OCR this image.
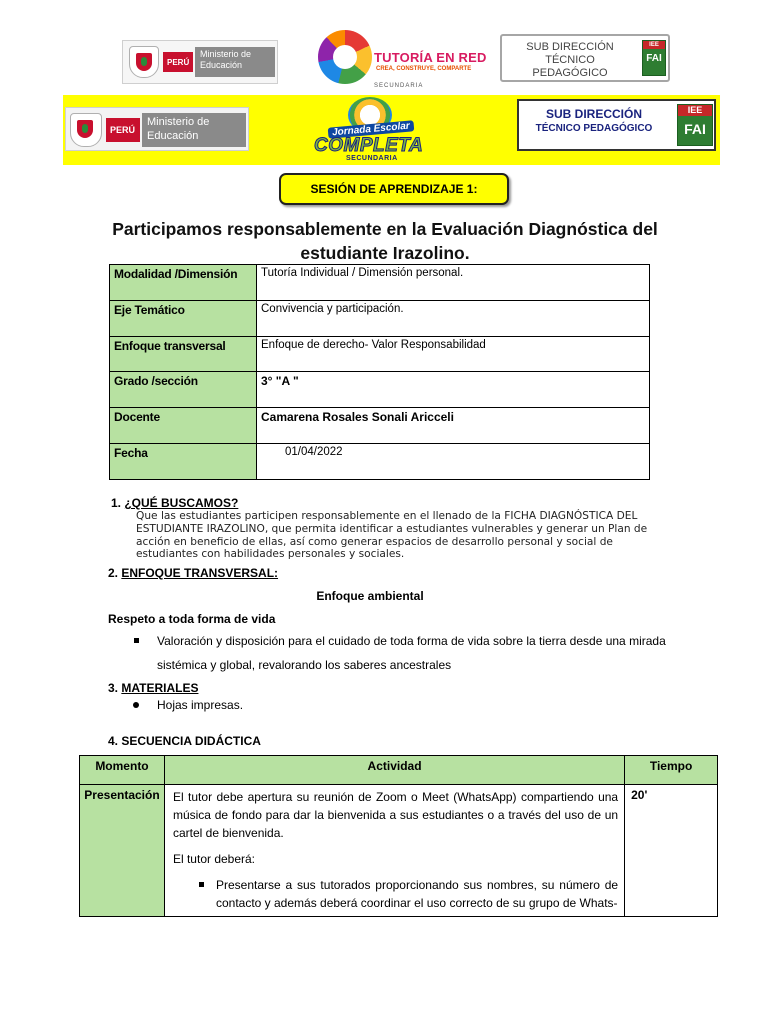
PERÚ
Ministerio de Educación	TUTORÍA EN RED
CREA, CONSTRUYE, COMPARTE
SECUNDARIA
SUB DIRECCIÓN TÉCNICO PEDAGÓGICO
IEE
FAI
PERÚ
Ministerio de Educación	Jornada Escolar
COMPLETA
SECUNDARIA
SUB DIRECCIÓN
TÉCNICO PEDAGÓGICO
IEE
FAI
SESIÓN DE APRENDIZAJE 1:
Participamos responsablemente en la Evaluación Diagnóstica del estudiante Irazolino.
Modalidad /Dimensión	Tutoría Individual / Dimensión personal.
Eje Temático	Convivencia y participación.
Enfoque transversal	Enfoque de derecho- Valor Responsabilidad
Grado /sección	3° "A "
Docente	Camarena Rosales Sonali Aricceli
Fecha	01/04/2022
1. ¿QUÉ BUSCAMOS?
Que las estudiantes participen responsablemente en el llenado de la FICHA DIAGNÓSTICA DEL ESTUDIANTE IRAZOLINO, que permita identificar a estudiantes vulnerables y generar un Plan de acción en beneficio de ellas, así como generar espacios de desarrollo personal y social de estudiantes con habilidades personales y sociales.
2. ENFOQUE TRANSVERSAL:
Enfoque ambiental
Respeto a toda forma de vida
Valoración y disposición para el cuidado de toda forma de vida sobre la tierra desde una mirada
sistémica y global, revalorando los saberes ancestrales
3. MATERIALES
Hojas impresas.
4. SECUENCIA DIDÁCTICA
Momento	Actividad	Tiempo
Presentación	El tutor debe apertura su reunión de Zoom o Meet (WhatsApp) compartiendo una música de fondo para dar la bienvenida a sus estudiantes o a través del uso de un cartel de bienvenida.

El tutor deberá:

Presentarse a sus tutorados proporcionando sus nombres, su número de contacto y además deberá coordinar el uso correcto de su grupo de Whats-	20'
